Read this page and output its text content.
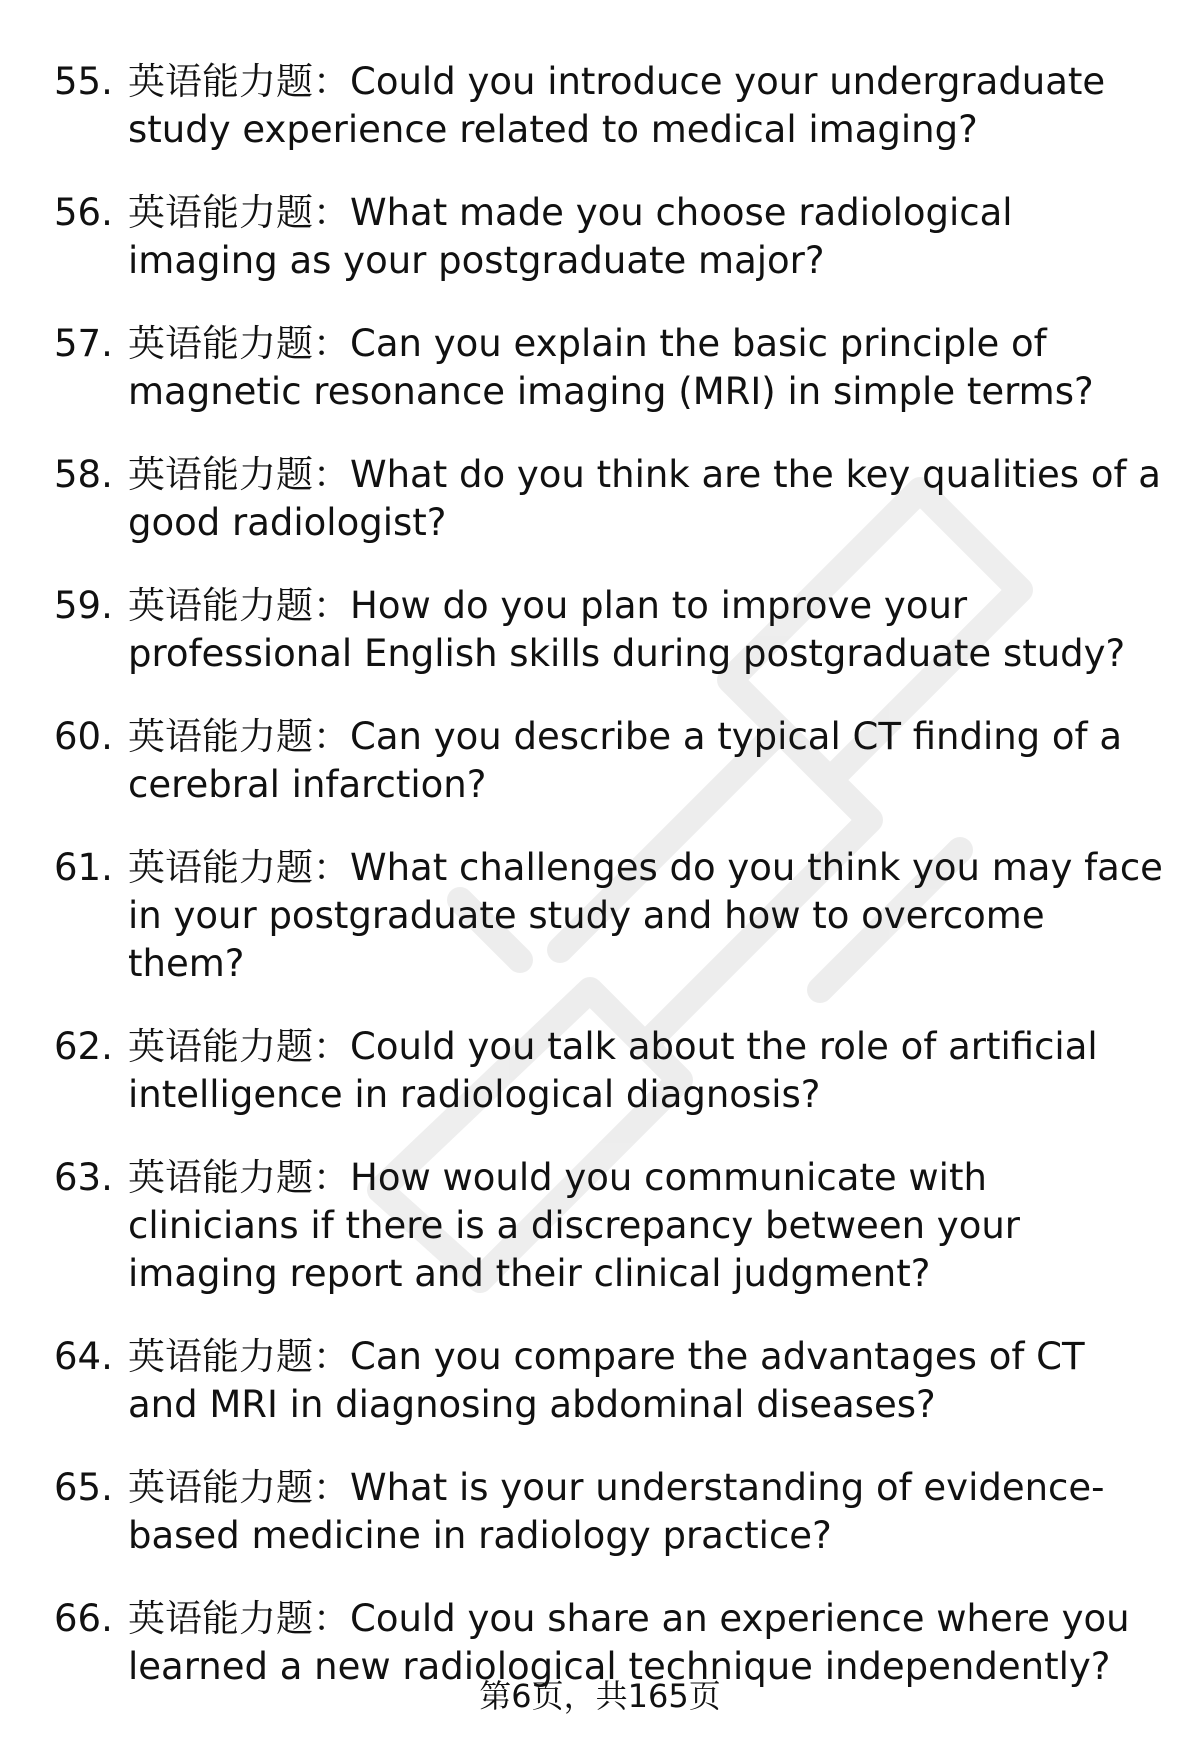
55. 英语能力题：Could you introduce your undergraduate study experience related to medical imaging?
56. 英语能力题：What made you choose radiological imaging as your postgraduate major?
57. 英语能力题：Can you explain the basic principle of magnetic resonance imaging (MRI) in simple terms?
58. 英语能力题：What do you think are the key qualities of a good radiologist?
59. 英语能力题：How do you plan to improve your professional English skills during postgraduate study?
60. 英语能力题：Can you describe a typical CT finding of a cerebral infarction?
61. 英语能力题：What challenges do you think you may face in your postgraduate study and how to overcome them?
62. 英语能力题：Could you talk about the role of artificial intelligence in radiological diagnosis?
63. 英语能力题：How would you communicate with clinicians if there is a discrepancy between your imaging report and their clinical judgment?
64. 英语能力题：Can you compare the advantages of CT and MRI in diagnosing abdominal diseases?
65. 英语能力题：What is your understanding of evidence-based medicine in radiology practice?
66. 英语能力题：Could you share an experience where you learned a new radiological technique independently?
第6页，共165页
